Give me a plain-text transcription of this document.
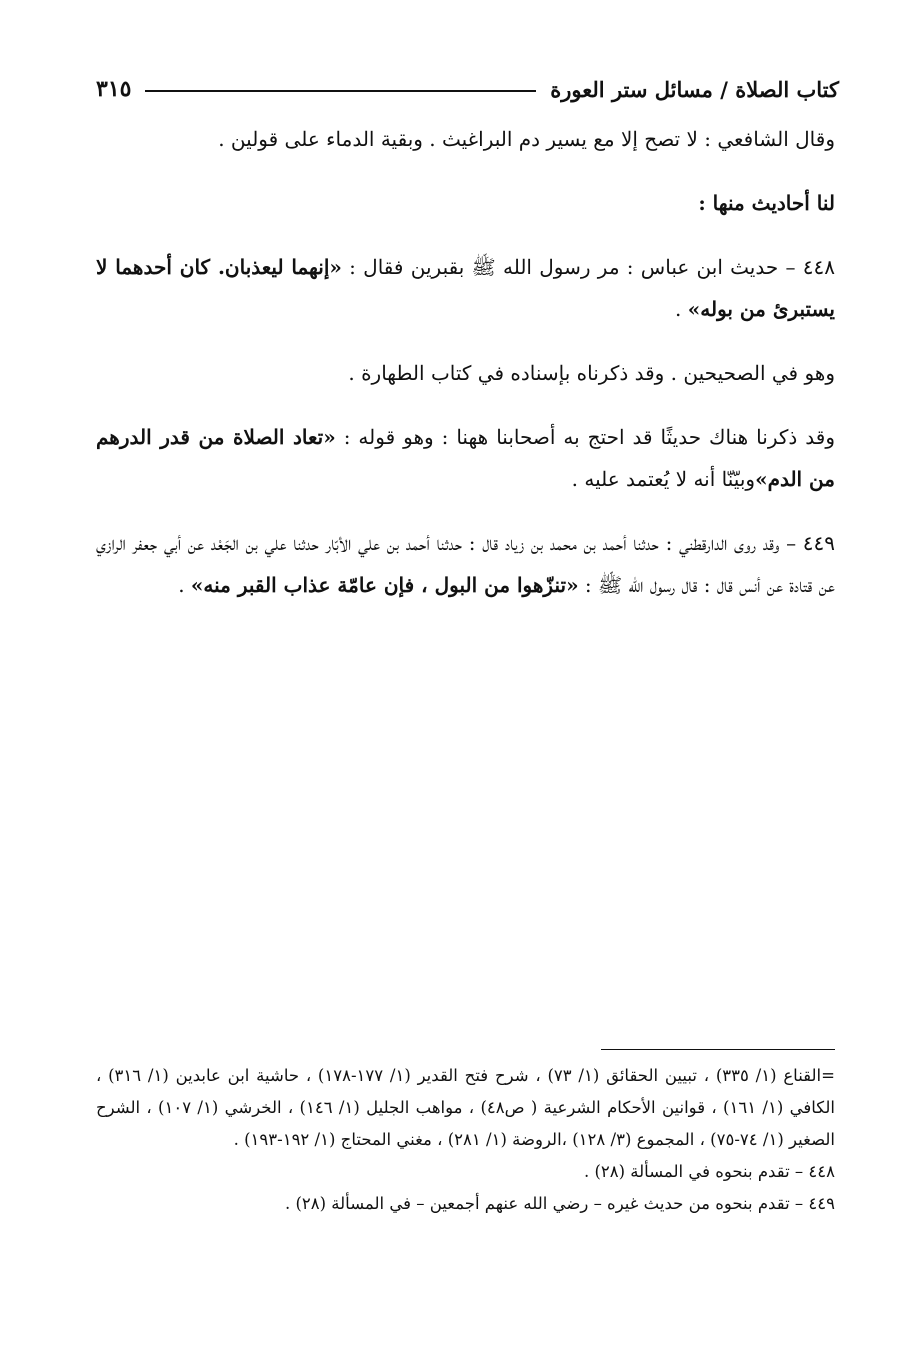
كتاب الصلاة / مسائل ستر العورة
٣١٥

وقال الشافعي : لا تصح إلا مع يسير دم البراغيث . وبقية الدماء على قولين .

لنا أحاديث منها :

٤٤٨ – حديث ابن عباس : مر رسول الله ﷺ بقبرين فقال : «إنهما ليعذبان. كان أحدهما لا يستبرئ من بوله» .

وهو في الصحيحين . وقد ذكرناه بإسناده في كتاب الطهارة .

وقد ذكرنا هناك حديثًا قد احتج به أصحابنا ههنا : وهو قوله : «تعاد الصلاة من قدر الدرهم من الدم»وبيّنّا أنه لا يُعتمد عليه .

٤٤٩ – وقد روى الدارقطني : حدثنا أحمد بن محمد بن زياد قال : حدثنا أحمد بن علي الأبّار حدثنا علي بن الجَعْد عن أبي جعفر الرازي عن قتادة عن أنس قال : قال رسول الله ﷺ : «تنزّهوا من البول ، فإن عامّة عذاب القبر منه» .

=القناع (١/ ٣٣٥) ، تبيين الحقائق (١/ ٧٣) ، شرح فتح القدير (١/ ١٧٧-١٧٨) ، حاشية ابن عابدين (١/ ٣١٦) ، الكافي (١/ ١٦١) ، قوانين الأحكام الشرعية ( ص٤٨) ، مواهب الجليل (١/ ١٤٦) ، الخرشي (١/ ١٠٧) ، الشرح الصغير (١/ ٧٤-٧٥) ، المجموع (٣/ ١٢٨) ،الروضة (١/ ٢٨١) ، مغني المحتاج (١/ ١٩٢-١٩٣) .

٤٤٨ – تقدم بنحوه في المسألة (٢٨) .

٤٤٩ – تقدم بنحوه من حديث غيره – رضي الله عنهم أجمعين – في المسألة (٢٨) .
